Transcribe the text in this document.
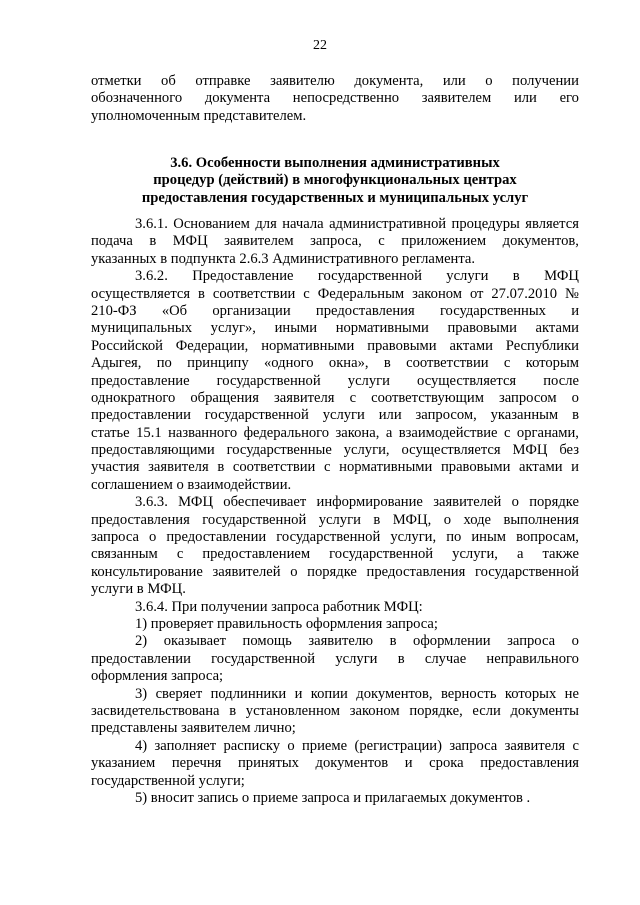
22
отметки об отправке заявителю документа, или о получении
обозначенного документа непосредственно заявителем или его
уполномоченным представителем.
3.6. Особенности выполнения административных
процедур (действий) в многофункциональных центрах
предоставления государственных и муниципальных услуг
3.6.1. Основанием для начала административной процедуры является
подача в МФЦ заявителем запроса, с приложением документов,
указанных в подпункта 2.6.3 Административного регламента.
3.6.2. Предоставление государственной услуги в МФЦ
осуществляется в соответствии с Федеральным законом от 27.07.2010 №
210-ФЗ «Об организации предоставления государственных и
муниципальных услуг», иными нормативными правовыми актами
Российской Федерации, нормативными правовыми актами Республики
Адыгея, по принципу «одного окна», в соответствии с которым
предоставление государственной услуги осуществляется после
однократного обращения заявителя с соответствующим запросом о
предоставлении государственной услуги или запросом, указанным в
статье 15.1 названного федерального закона, а взаимодействие с органами,
предоставляющими государственные услуги, осуществляется МФЦ без
участия заявителя в соответствии с нормативными правовыми актами и
соглашением о взаимодействии.
3.6.3. МФЦ обеспечивает информирование заявителей о порядке
предоставления государственной услуги в МФЦ, о ходе выполнения
запроса о предоставлении государственной услуги, по иным вопросам,
связанным с предоставлением государственной услуги, а также
консультирование заявителей о порядке предоставления государственной
услуги в МФЦ.
3.6.4. При получении запроса работник МФЦ:
1) проверяет правильность оформления запроса;
2) оказывает помощь заявителю в оформлении запроса о
предоставлении государственной услуги в случае неправильного
оформления запроса;
3) сверяет подлинники и копии документов, верность которых не
засвидетельствована в установленном законом порядке, если документы
представлены заявителем лично;
4) заполняет расписку о приеме (регистрации) запроса заявителя с
указанием перечня принятых документов и срока предоставления
государственной услуги;
5) вносит запись о приеме запроса и прилагаемых документов .
